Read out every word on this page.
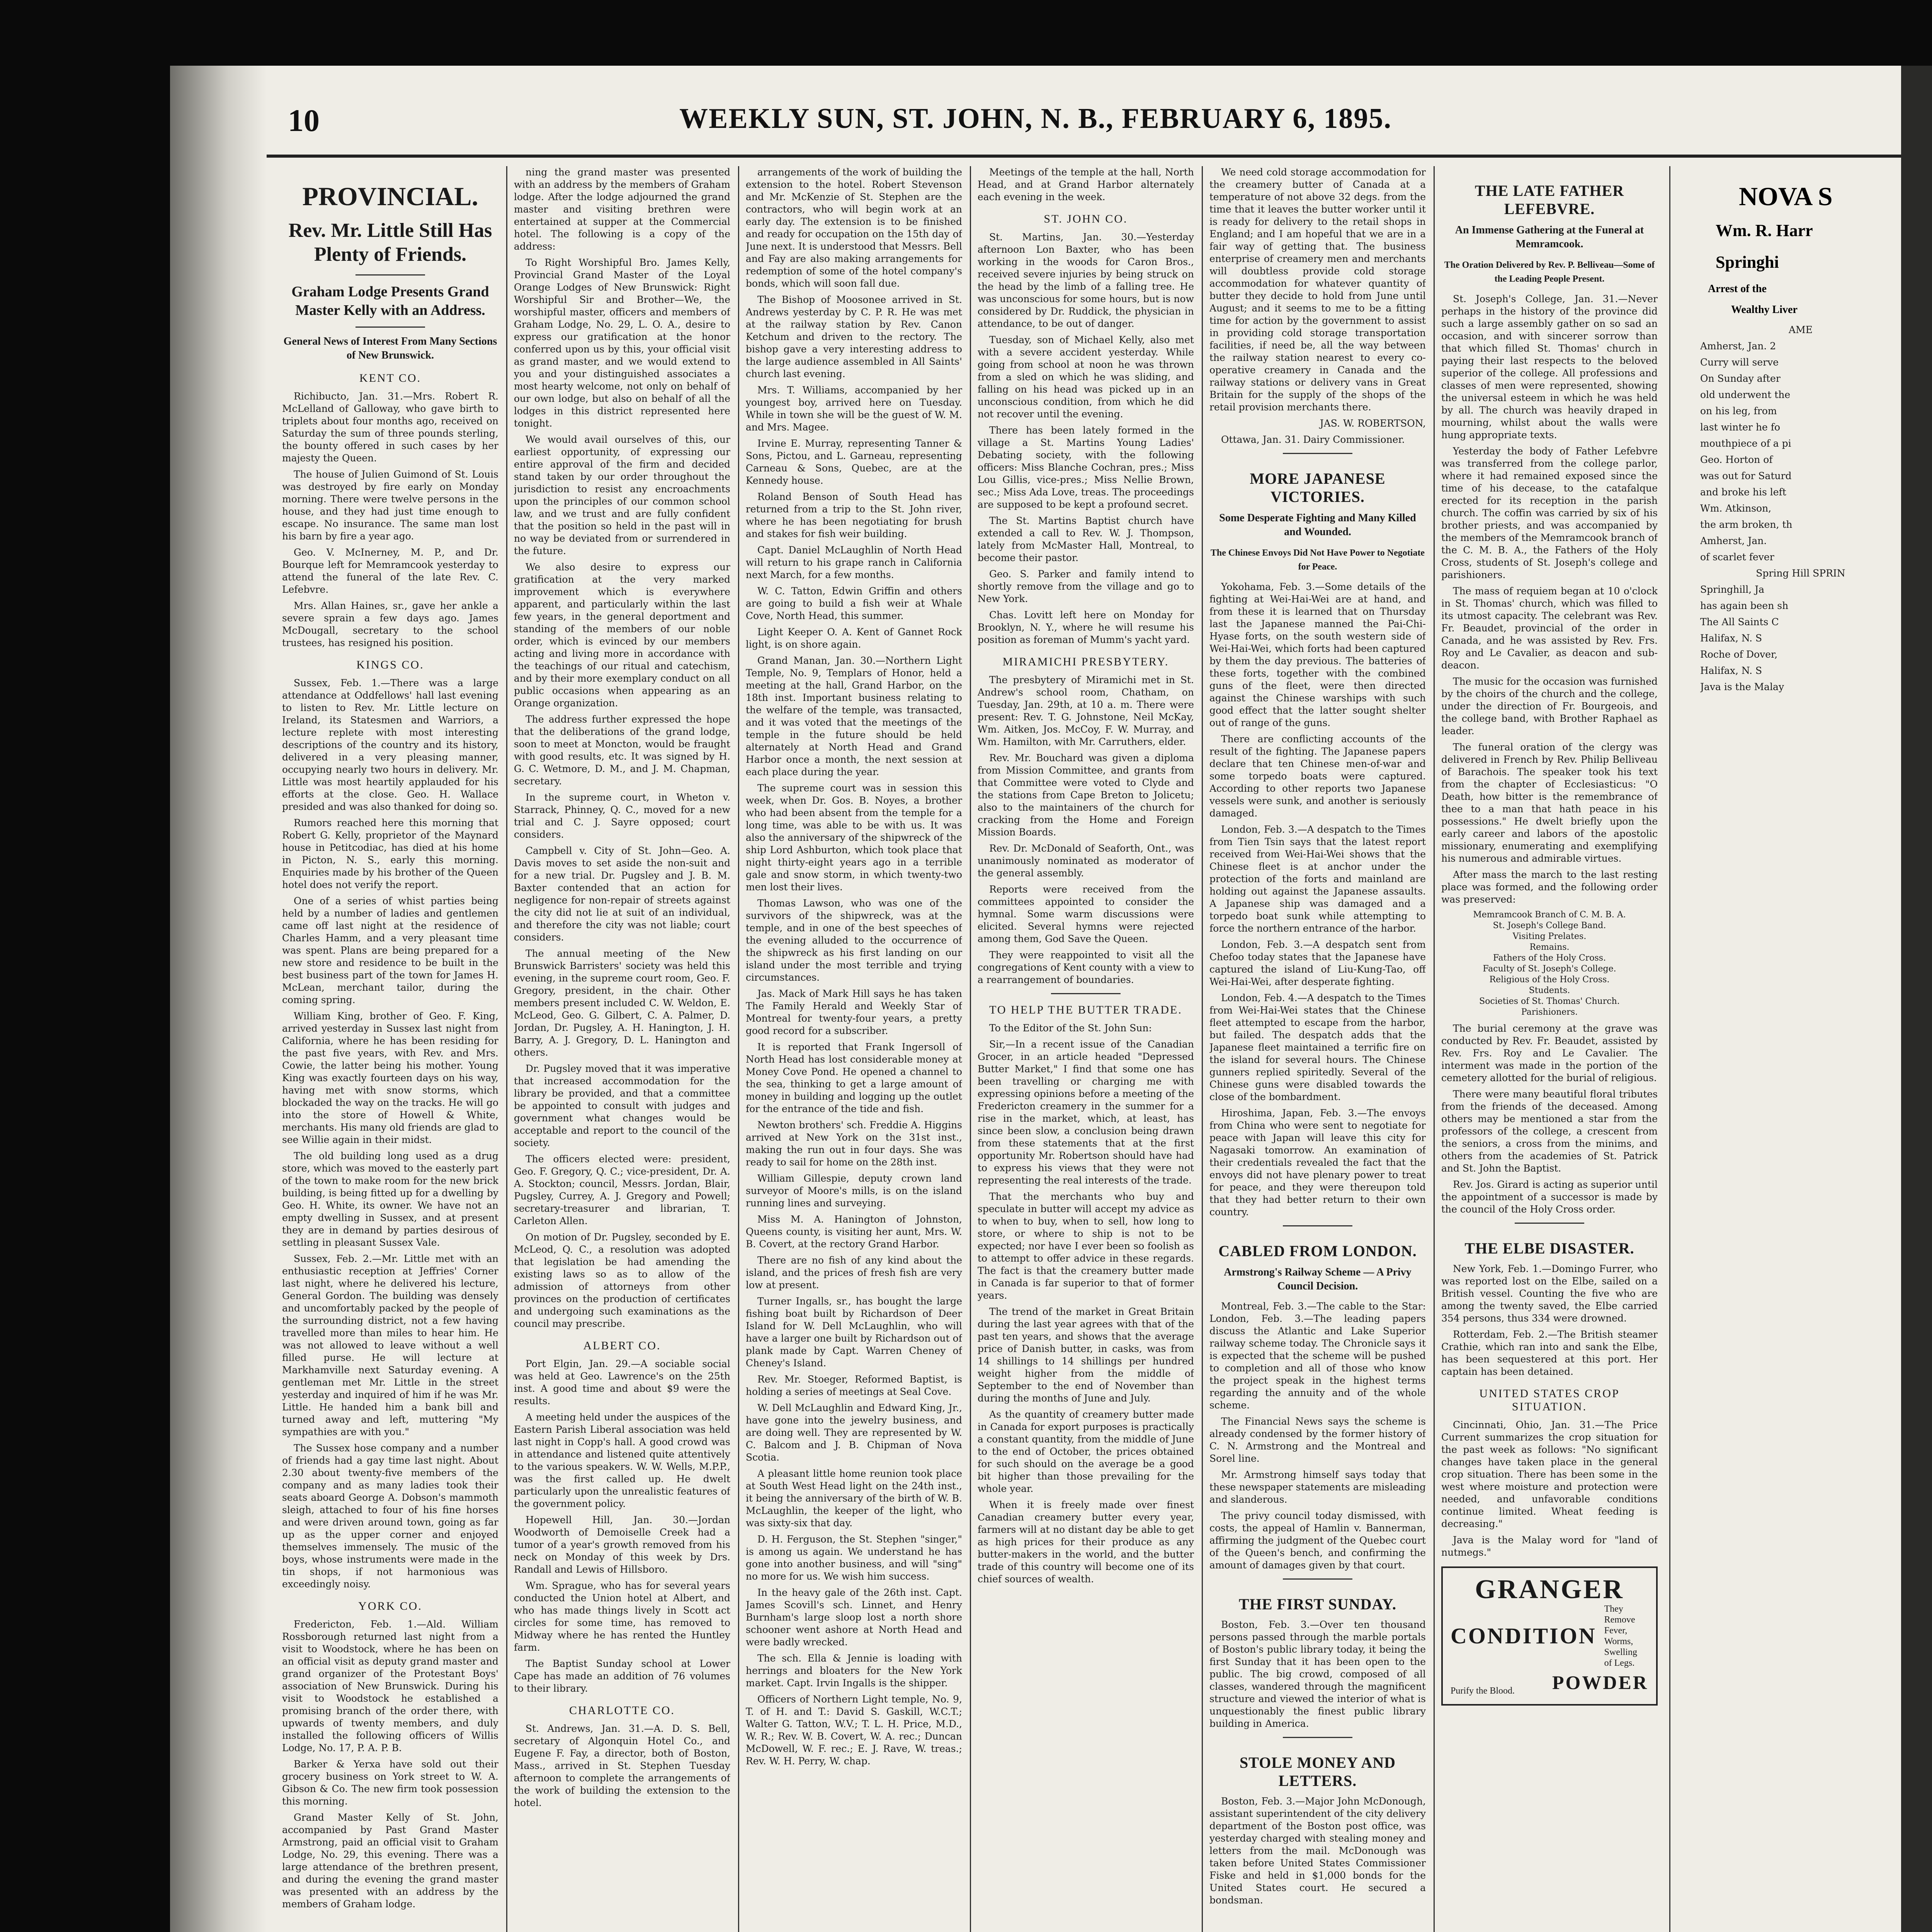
10	WEEKLY SUN, ST. JOHN, N. B., FEBRUARY 6, 1895.
PROVINCIAL.
Rev. Mr. Little Still Has Plenty of Friends.
Graham Lodge Presents Grand Master Kelly with an Address.
General News of Interest From Many Sections of New Brunswick.
KENT CO.

Richibucto, Jan. 31.—Mrs. Robert R. McLelland of Galloway, who gave birth to triplets about four months ago, received on Saturday the sum of three pounds sterling, the bounty offered in such cases by her majesty the Queen.

The house of Julien Guimond of St. Louis was destroyed by fire early on Monday morning. There were twelve persons in the house, and they had just time enough to escape. No insurance. The same man lost his barn by fire a year ago.

Geo. V. McInerney, M. P., and Dr. Bourque left for Memramcook yesterday to attend the funeral of the late Rev. C. Lefebvre.

Mrs. Allan Haines, sr., gave her ankle a severe sprain a few days ago. James McDougall, secretary to the school trustees, has resigned his position.

KINGS CO.

Sussex, Feb. 1.—There was a large attendance at Oddfellows' hall last evening to listen to Rev. Mr. Little lecture on Ireland, its Statesmen and Warriors, a lecture replete with most interesting descriptions of the country and its history, delivered in a very pleasing manner, occupying nearly two hours in delivery. Mr. Little was most heartily applauded for his efforts at the close. Geo. H. Wallace presided and was also thanked for doing so.

Rumors reached here this morning that Robert G. Kelly, proprietor of the Maynard house in Petitcodiac, has died at his home in Picton, N. S., early this morning. Enquiries made by his brother of the Queen hotel does not verify the report.

One of a series of whist parties being held by a number of ladies and gentlemen came off last night at the residence of Charles Hamm, and a very pleasant time was spent. Plans are being prepared for a new store and residence to be built in the best business part of the town for James H. McLean, merchant tailor, during the coming spring.

William King, brother of Geo. F. King, arrived yesterday in Sussex last night from California, where he has been residing for the past five years, with Rev. and Mrs. Cowie, the latter being his mother. Young King was exactly fourteen days on his way, having met with snow storms, which blockaded the way on the tracks. He will go into the store of Howell & White, merchants. His many old friends are glad to see Willie again in their midst.

The old building long used as a drug store, which was moved to the easterly part of the town to make room for the new brick building, is being fitted up for a dwelling by Geo. H. White, its owner. We have not an empty dwelling in Sussex, and at present they are in demand by parties desirous of settling in pleasant Sussex Vale.

Sussex, Feb. 2.—Mr. Little met with an enthusiastic reception at Jeffries' Corner last night, where he delivered his lecture, General Gordon. The building was densely and uncomfortably packed by the people of the surrounding district, not a few having travelled more than miles to hear him. He was not allowed to leave without a well filled purse. He will lecture at Markhamville next Saturday evening. A gentleman met Mr. Little in the street yesterday and inquired of him if he was Mr. Little. He handed him a bank bill and turned away and left, muttering "My sympathies are with you."

The Sussex hose company and a number of friends had a gay time last night. About 2.30 about twenty-five members of the company and as many ladies took their seats aboard George A. Dobson's mammoth sleigh, attached to four of his fine horses and were driven around town, going as far up as the upper corner and enjoyed themselves immensely. The music of the boys, whose instruments were made in the tin shops, if not harmonious was exceedingly noisy.

YORK CO.

Fredericton, Feb. 1.—Ald. William Rossborough returned last night from a visit to Woodstock, where he has been on an official visit as deputy grand master and grand organizer of the Protestant Boys' association of New Brunswick. During his visit to Woodstock he established a promising branch of the order there, with upwards of twenty members, and duly installed the following officers of Willis Lodge, No. 17, P. A. P. B.

Barker & Yerxa have sold out their grocery business on York street to W. A. Gibson & Co. The new firm took possession this morning.

Grand Master Kelly of St. John, accompanied by Past Grand Master Armstrong, paid an official visit to Graham Lodge, No. 29, this evening. There was a large attendance of the brethren present, and during the evening the grand master was presented with an address by the members of Graham lodge.

ning the grand master was presented with an address by the members of Graham lodge. After the lodge adjourned the grand master and visiting brethren were entertained at supper at the Commercial hotel. The following is a copy of the address:

To Right Worshipful Bro. James Kelly, Provincial Grand Master of the Loyal Orange Lodges of New Brunswick: Right Worshipful Sir and Brother—We, the worshipful master, officers and members of Graham Lodge, No. 29, L. O. A., desire to express our gratification at the honor conferred upon us by this, your official visit as grand master, and we would extend to you and your distinguished associates a most hearty welcome, not only on behalf of our own lodge, but also on behalf of all the lodges in this district represented here tonight.

We would avail ourselves of this, our earliest opportunity, of expressing our entire approval of the firm and decided stand taken by our order throughout the jurisdiction to resist any encroachments upon the principles of our common school law, and we trust and are fully confident that the position so held in the past will in no way be deviated from or surrendered in the future.

We also desire to express our gratification at the very marked improvement which is everywhere apparent, and particularly within the last few years, in the general deportment and standing of the members of our noble order, which is evinced by our members acting and living more in accordance with the teachings of our ritual and catechism, and by their more exemplary conduct on all public occasions when appearing as an Orange organization.

The address further expressed the hope that the deliberations of the grand lodge, soon to meet at Moncton, would be fraught with good results, etc. It was signed by H. G. C. Wetmore, D. M., and J. M. Chapman, secretary.

In the supreme court, in Wheton v. Starrack, Phinney, Q. C., moved for a new trial and C. J. Sayre opposed; court considers.

Campbell v. City of St. John—Geo. A. Davis moves to set aside the non-suit and for a new trial. Dr. Pugsley and J. B. M. Baxter contended that an action for negligence for non-repair of streets against the city did not lie at suit of an individual, and therefore the city was not liable; court considers.

The annual meeting of the New Brunswick Barristers' society was held this evening, in the supreme court room, Geo. F. Gregory, president, in the chair. Other members present included C. W. Weldon, E. McLeod, Geo. G. Gilbert, C. A. Palmer, D. Jordan, Dr. Pugsley, A. H. Hanington, J. H. Barry, A. J. Gregory, D. L. Hanington and others.

Dr. Pugsley moved that it was imperative that increased accommodation for the library be provided, and that a committee be appointed to consult with judges and government what changes would be acceptable and report to the council of the society.

The officers elected were: president, Geo. F. Gregory, Q. C.; vice-president, Dr. A. A. Stockton; council, Messrs. Jordan, Blair, Pugsley, Currey, A. J. Gregory and Powell; secretary-treasurer and librarian, T. Carleton Allen.

On motion of Dr. Pugsley, seconded by E. McLeod, Q. C., a resolution was adopted that legislation be had amending the existing laws so as to allow of the admission of attorneys from other provinces on the production of certificates and undergoing such examinations as the council may prescribe.

ALBERT CO.

Port Elgin, Jan. 29.—A sociable social was held at Geo. Lawrence's on the 25th inst. A good time and about $9 were the results.

A meeting held under the auspices of the Eastern Parish Liberal association was held last night in Copp's hall. A good crowd was in attendance and listened quite attentively to the various speakers. W. W. Wells, M.P.P., was the first called up. He dwelt particularly upon the unrealistic features of the government policy.

Hopewell Hill, Jan. 30.—Jordan Woodworth of Demoiselle Creek had a tumor of a year's growth removed from his neck on Monday of this week by Drs. Randall and Lewis of Hillsboro.

Wm. Sprague, who has for several years conducted the Union hotel at Albert, and who has made things lively in Scott act circles for some time, has removed to Midway where he has rented the Huntley farm.

The Baptist Sunday school at Lower Cape has made an addition of 76 volumes to their library.

CHARLOTTE CO.

St. Andrews, Jan. 31.—A. D. S. Bell, secretary of Algonquin Hotel Co., and Eugene F. Fay, a director, both of Boston, Mass., arrived in St. Stephen Tuesday afternoon to complete the arrangements of the work of building the extension to the hotel.

arrangements of the work of building the extension to the hotel. Robert Stevenson and Mr. McKenzie of St. Stephen are the contractors, who will begin work at an early day. The extension is to be finished and ready for occupation on the 15th day of June next. It is understood that Messrs. Bell and Fay are also making arrangements for redemption of some of the hotel company's bonds, which will soon fall due.

The Bishop of Moosonee arrived in St. Andrews yesterday by C. P. R. He was met at the railway station by Rev. Canon Ketchum and driven to the rectory. The bishop gave a very interesting address to the large audience assembled in All Saints' church last evening.

Mrs. T. Williams, accompanied by her youngest boy, arrived here on Tuesday. While in town she will be the guest of W. M. and Mrs. Magee.

Irvine E. Murray, representing Tanner & Sons, Pictou, and L. Garneau, representing Carneau & Sons, Quebec, are at the Kennedy house.

Roland Benson of South Head has returned from a trip to the St. John river, where he has been negotiating for brush and stakes for fish weir building.

Capt. Daniel McLaughlin of North Head will return to his grape ranch in California next March, for a few months.

W. C. Tatton, Edwin Griffin and others are going to build a fish weir at Whale Cove, North Head, this summer.

Light Keeper O. A. Kent of Gannet Rock light, is on shore again.

Grand Manan, Jan. 30.—Northern Light Temple, No. 9, Templars of Honor, held a meeting at the hall, Grand Harbor, on the 18th inst. Important business relating to the welfare of the temple, was transacted, and it was voted that the meetings of the temple in the future should be held alternately at North Head and Grand Harbor once a month, the next session at each place during the year.

The supreme court was in session this week, when Dr. Gos. B. Noyes, a brother who had been absent from the temple for a long time, was able to be with us. It was also the anniversary of the shipwreck of the ship Lord Ashburton, which took place that night thirty-eight years ago in a terrible gale and snow storm, in which twenty-two men lost their lives.

Thomas Lawson, who was one of the survivors of the shipwreck, was at the temple, and in one of the best speeches of the evening alluded to the occurrence of the shipwreck as his first landing on our island under the most terrible and trying circumstances.

Jas. Mack of Mark Hill says he has taken The Family Herald and Weekly Star of Montreal for twenty-four years, a pretty good record for a subscriber.

It is reported that Frank Ingersoll of North Head has lost considerable money at Money Cove Pond. He opened a channel to the sea, thinking to get a large amount of money in building and logging up the outlet for the entrance of the tide and fish.

Newton brothers' sch. Freddie A. Higgins arrived at New York on the 31st inst., making the run out in four days. She was ready to sail for home on the 28th inst.

William Gillespie, deputy crown land surveyor of Moore's mills, is on the island running lines and surveying.

Miss M. A. Hanington of Johnston, Queens county, is visiting her aunt, Mrs. W. B. Covert, at the rectory Grand Harbor.

There are no fish of any kind about the island, and the prices of fresh fish are very low at present.

Turner Ingalls, sr., has bought the large fishing boat built by Richardson of Deer Island for W. Dell McLaughlin, who will have a larger one built by Richardson out of plank made by Capt. Warren Cheney of Cheney's Island.

Rev. Mr. Stoeger, Reformed Baptist, is holding a series of meetings at Seal Cove.

W. Dell McLaughlin and Edward King, Jr., have gone into the jewelry business, and are doing well. They are represented by W. C. Balcom and J. B. Chipman of Nova Scotia.

A pleasant little home reunion took place at South West Head light on the 24th inst., it being the anniversary of the birth of W. B. McLaughlin, the keeper of the light, who was sixty-six that day.

D. H. Ferguson, the St. Stephen "singer," is among us again. We understand he has gone into another business, and will "sing" no more for us. We wish him success.

In the heavy gale of the 26th inst. Capt. James Scovill's sch. Linnet, and Henry Burnham's large sloop lost a north shore schooner went ashore at North Head and were badly wrecked.

The sch. Ella & Jennie is loading with herrings and bloaters for the New York market. Capt. Irvin Ingalls is the shipper.

Officers of Northern Light temple, No. 9, T. of H. and T.: David S. Gaskill, W.C.T.; Walter G. Tatton, W.V.; T. L. H. Price, M.D., W. R.; Rev. W. B. Covert, W. A. rec.; Duncan McDowell, W. F. rec.; E. J. Rave, W. treas.; Rev. W. H. Perry, W. chap.

Meetings of the temple at the hall, North Head, and at Grand Harbor alternately each evening in the week.

ST. JOHN CO.

St. Martins, Jan. 30.—Yesterday afternoon Lon Baxter, who has been working in the woods for Caron Bros., received severe injuries by being struck on the head by the limb of a falling tree. He was unconscious for some hours, but is now considered by Dr. Ruddick, the physician in attendance, to be out of danger.

Tuesday, son of Michael Kelly, also met with a severe accident yesterday. While going from school at noon he was thrown from a sled on which he was sliding, and falling on his head was picked up in an unconscious condition, from which he did not recover until the evening.

There has been lately formed in the village a St. Martins Young Ladies' Debating society, with the following officers: Miss Blanche Cochran, pres.; Miss Lou Gillis, vice-pres.; Miss Nellie Brown, sec.; Miss Ada Love, treas. The proceedings are supposed to be kept a profound secret.

The St. Martins Baptist church have extended a call to Rev. W. J. Thompson, lately from McMaster Hall, Montreal, to become their pastor.

Geo. S. Parker and family intend to shortly remove from the village and go to New York.

Chas. Lovitt left here on Monday for Brooklyn, N. Y., where he will resume his position as foreman of Mumm's yacht yard.

MIRAMICHI PRESBYTERY.

The presbytery of Miramichi met in St. Andrew's school room, Chatham, on Tuesday, Jan. 29th, at 10 a. m. There were present: Rev. T. G. Johnstone, Neil McKay, Wm. Aitken, Jos. McCoy, F. W. Murray, and Wm. Hamilton, with Mr. Carruthers, elder.

Rev. Mr. Bouchard was given a diploma from Mission Committee, and grants from that Committee were voted to Clyde and the stations from Cape Breton to Jolicetu; also to the maintainers of the church for cracking from the Home and Foreign Mission Boards.

Rev. Dr. McDonald of Seaforth, Ont., was unanimously nominated as moderator of the general assembly.

Reports were received from the committees appointed to consider the hymnal. Some warm discussions were elicited. Several hymns were rejected among them, God Save the Queen.

They were reappointed to visit all the congregations of Kent county with a view to a rearrangement of boundaries.

TO HELP THE BUTTER TRADE.

To the Editor of the St. John Sun:

Sir,—In a recent issue of the Canadian Grocer, in an article headed "Depressed Butter Market," I find that some one has been travelling or charging me with expressing opinions before a meeting of the Fredericton creamery in the summer for a rise in the market, which, at least, has since been slow, a conclusion being drawn from these statements that at the first opportunity Mr. Robertson should have had to express his views that they were not representing the real interests of the trade.

That the merchants who buy and speculate in butter will accept my advice as to when to buy, when to sell, how long to store, or where to ship is not to be expected; nor have I ever been so foolish as to attempt to offer advice in these regards. The fact is that the creamery butter made in Canada is far superior to that of former years.

The trend of the market in Great Britain during the last year agrees with that of the past ten years, and shows that the average price of Danish butter, in casks, was from 14 shillings to 14 shillings per hundred weight higher from the middle of September to the end of November than during the months of June and July.

As the quantity of creamery butter made in Canada for export purposes is practically a constant quantity, from the middle of June to the end of October, the prices obtained for such should on the average be a good bit higher than those prevailing for the whole year.

When it is freely made over finest Canadian creamery butter every year, farmers will at no distant day be able to get as high prices for their produce as any butter-makers in the world, and the butter trade of this country will become one of its chief sources of wealth.

We need cold storage accommodation for the creamery butter of Canada at a temperature of not above 32 degs. from the time that it leaves the butter worker until it is ready for delivery to the retail shops in England; and I am hopeful that we are in a fair way of getting that. The business enterprise of creamery men and merchants will doubtless provide cold storage accommodation for whatever quantity of butter they decide to hold from June until August; and it seems to me to be a fitting time for action by the government to assist in providing cold storage transportation facilities, if need be, all the way between the railway station nearest to every co-operative creamery in Canada and the railway stations or delivery vans in Great Britain for the supply of the shops of the retail provision merchants there.

JAS. W. ROBERTSON,

Ottawa, Jan. 31. Dairy Commissioner.

MORE JAPANESE VICTORIES.
Some Desperate Fighting and Many Killed and Wounded.
The Chinese Envoys Did Not Have Power to Negotiate for Peace.

Yokohama, Feb. 3.—Some details of the fighting at Wei-Hai-Wei are at hand, and from these it is learned that on Thursday last the Japanese manned the Pai-Chi-Hyase forts, on the south western side of Wei-Hai-Wei, which forts had been captured by them the day previous. The batteries of these forts, together with the combined guns of the fleet, were then directed against the Chinese warships with such good effect that the latter sought shelter out of range of the guns.

There are conflicting accounts of the result of the fighting. The Japanese papers declare that ten Chinese men-of-war and some torpedo boats were captured. According to other reports two Japanese vessels were sunk, and another is seriously damaged.

London, Feb. 3.—A despatch to the Times from Tien Tsin says that the latest report received from Wei-Hai-Wei shows that the Chinese fleet is at anchor under the protection of the forts and mainland are holding out against the Japanese assaults. A Japanese ship was damaged and a torpedo boat sunk while attempting to force the northern entrance of the harbor.

London, Feb. 3.—A despatch sent from Chefoo today states that the Japanese have captured the island of Liu-Kung-Tao, off Wei-Hai-Wei, after desperate fighting.

London, Feb. 4.—A despatch to the Times from Wei-Hai-Wei states that the Chinese fleet attempted to escape from the harbor, but failed. The despatch adds that the Japanese fleet maintained a terrific fire on the island for several hours. The Chinese gunners replied spiritedly. Several of the Chinese guns were disabled towards the close of the bombardment.

Hiroshima, Japan, Feb. 3.—The envoys from China who were sent to negotiate for peace with Japan will leave this city for Nagasaki tomorrow. An examination of their credentials revealed the fact that the envoys did not have plenary power to treat for peace, and they were thereupon told that they had better return to their own country.

CABLED FROM LONDON.
Armstrong's Railway Scheme — A Privy Council Decision.

Montreal, Feb. 3.—The cable to the Star: London, Feb. 3.—The leading papers discuss the Atlantic and Lake Superior railway scheme today. The Chronicle says it is expected that the scheme will be pushed to completion and all of those who know the project speak in the highest terms regarding the annuity and of the whole scheme.

The Financial News says the scheme is already condensed by the former history of C. N. Armstrong and the Montreal and Sorel line.

Mr. Armstrong himself says today that these newspaper statements are misleading and slanderous.

The privy council today dismissed, with costs, the appeal of Hamlin v. Bannerman, affirming the judgment of the Quebec court of the Queen's bench, and confirming the amount of damages given by that court.

THE FIRST SUNDAY.

Boston, Feb. 3.—Over ten thousand persons passed through the marble portals of Boston's public library today, it being the first Sunday that it has been open to the public. The big crowd, composed of all classes, wandered through the magnificent structure and viewed the interior of what is unquestionably the finest public library building in America.

STOLE MONEY AND LETTERS.

Boston, Feb. 3.—Major John McDonough, assistant superintendent of the city delivery department of the Boston post office, was yesterday charged with stealing money and letters from the mail. McDonough was taken before United States Commissioner Fiske and held in $1,000 bonds for the United States court. He secured a bondsman.

THE LATE FATHER LEFEBVRE.
An Immense Gathering at the Funeral at Memramcook.
The Oration Delivered by Rev. P. Belliveau—Some of the Leading People Present.

St. Joseph's College, Jan. 31.—Never perhaps in the history of the province did such a large assembly gather on so sad an occasion, and with sincerer sorrow than that which filled St. Thomas' church in paying their last respects to the beloved superior of the college. All professions and classes of men were represented, showing the universal esteem in which he was held by all. The church was heavily draped in mourning, whilst about the walls were hung appropriate texts.

Yesterday the body of Father Lefebvre was transferred from the college parlor, where it had remained exposed since the time of his decease, to the catafalque erected for its reception in the parish church. The coffin was carried by six of his brother priests, and was accompanied by the members of the Memramcook branch of the C. M. B. A., the Fathers of the Holy Cross, students of St. Joseph's college and parishioners.

The mass of requiem began at 10 o'clock in St. Thomas' church, which was filled to its utmost capacity. The celebrant was Rev. Fr. Beaudet, provincial of the order in Canada, and he was assisted by Rev. Frs. Roy and Le Cavalier, as deacon and sub-deacon.

The music for the occasion was furnished by the choirs of the church and the college, under the direction of Fr. Bourgeois, and the college band, with Brother Raphael as leader.

The funeral oration of the clergy was delivered in French by Rev. Philip Belliveau of Barachois. The speaker took his text from the chapter of Ecclesiasticus: "O Death, how bitter is the remembrance of thee to a man that hath peace in his possessions." He dwelt briefly upon the early career and labors of the apostolic missionary, enumerating and exemplifying his numerous and admirable virtues.

After mass the march to the last resting place was formed, and the following order was preserved:

Memramcook Branch of C. M. B. A.
St. Joseph's College Band.
Visiting Prelates.
Remains.
Fathers of the Holy Cross.
Faculty of St. Joseph's College.
Religious of the Holy Cross.
Students.
Societies of St. Thomas' Church.
Parishioners.

The burial ceremony at the grave was conducted by Rev. Fr. Beaudet, assisted by Rev. Frs. Roy and Le Cavalier. The interment was made in the portion of the cemetery allotted for the burial of religious.

There were many beautiful floral tributes from the friends of the deceased. Among others may be mentioned a star from the professors of the college, a crescent from the seniors, a cross from the minims, and others from the academies of St. Patrick and St. John the Baptist.

Rev. Jos. Girard is acting as superior until the appointment of a successor is made by the council of the Holy Cross order.

THE ELBE DISASTER.

New York, Feb. 1.—Domingo Furrer, who was reported lost on the Elbe, sailed on a British vessel. Counting the five who are among the twenty saved, the Elbe carried 354 persons, thus 334 were drowned.

Rotterdam, Feb. 2.—The British steamer Crathie, which ran into and sank the Elbe, has been sequestered at this port. Her captain has been detained.

UNITED STATES CROP SITUATION.

Cincinnati, Ohio, Jan. 31.—The Price Current summarizes the crop situation for the past week as follows: "No significant changes have taken place in the general crop situation. There has been some in the west where moisture and protection were needed, and unfavorable conditions continue limited. Wheat feeding is decreasing."

Java is the Malay word for "land of nutmegs."

GRANGER
CONDITION
They Remove Fever,
Worms, Swelling
of Legs.
Purify the Blood. POWDER
NOVA S
Wm. R. Harr
Springhi
Arrest of the
Wealthy Liver

AME

Amherst, Jan. 2

Curry will serve

On Sunday after

old underwent the

on his leg, from

last winter he fo

mouthpiece of a pi

Geo. Horton of

was out for Saturd

and broke his left

Wm. Atkinson,

the arm broken, th

Amherst, Jan.

of scarlet fever

Spring Hill SPRIN

Springhill, Ja

has again been sh

The All Saints C

Halifax, N. S

Roche of Dover,

Halifax, N. S

Java is the Malay
